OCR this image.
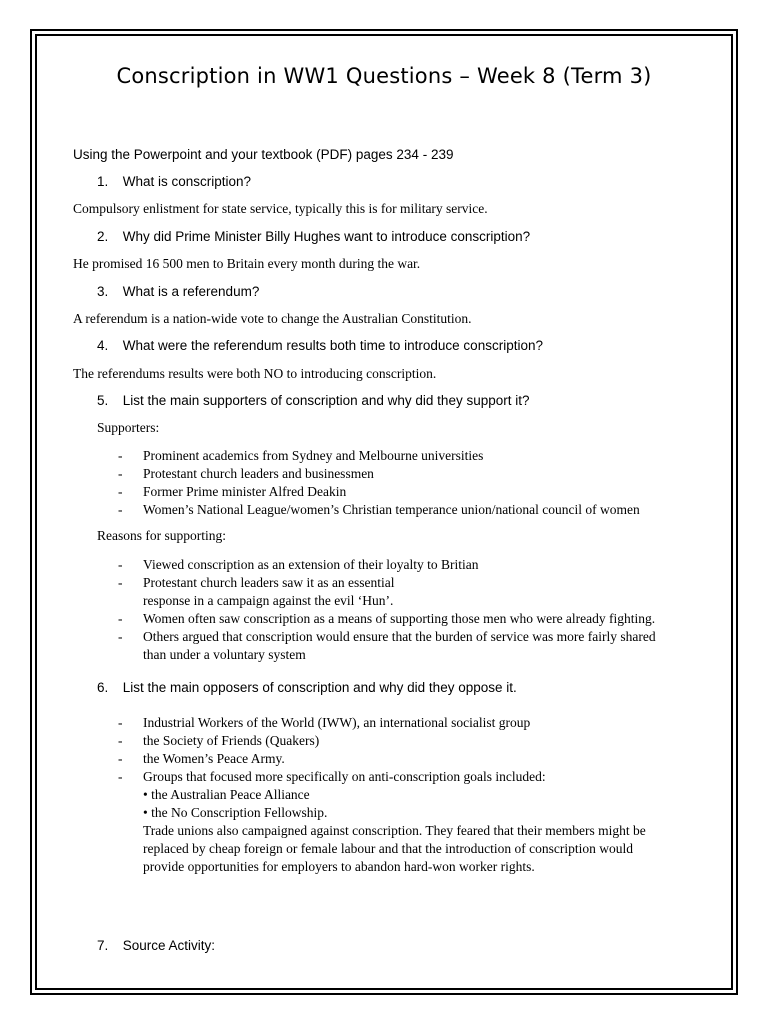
Conscription in WW1 Questions – Week 8 (Term 3)
Using the Powerpoint and your textbook (PDF) pages 234 - 239
1. What is conscription?
Compulsory enlistment for state service, typically this is for military service.
2. Why did Prime Minister Billy Hughes want to introduce conscription?
He promised 16 500 men to Britain every month during the war.
3. What is a referendum?
A referendum is a nation-wide vote to change the Australian Constitution.
4. What were the referendum results both time to introduce conscription?
The referendums results were both NO to introducing conscription.
5. List the main supporters of conscription and why did they support it?
Supporters:
- Prominent academics from Sydney and Melbourne universities
- Protestant church leaders and businessmen
- Former Prime minister Alfred Deakin
- Women’s National League/women’s Christian temperance union/national council of women
Reasons for supporting:
- Viewed conscription as an extension of their loyalty to Britian
- Protestant church leaders saw it as an essential
response in a campaign against the evil ‘Hun’.
- Women often saw conscription as a means of supporting those men who were already fighting.
- Others argued that conscription would ensure that the burden of service was more fairly shared
than under a voluntary system
6. List the main opposers of conscription and why did they oppose it.
- Industrial Workers of the World (IWW), an international socialist group
- the Society of Friends (Quakers)
- the Women’s Peace Army.
- Groups that focused more specifically on anti-conscription goals included:
• the Australian Peace Alliance
• the No Conscription Fellowship.
Trade unions also campaigned against conscription. They feared that their members might be
replaced by cheap foreign or female labour and that the introduction of conscription would
provide opportunities for employers to abandon hard-won worker rights.
7. Source Activity:
